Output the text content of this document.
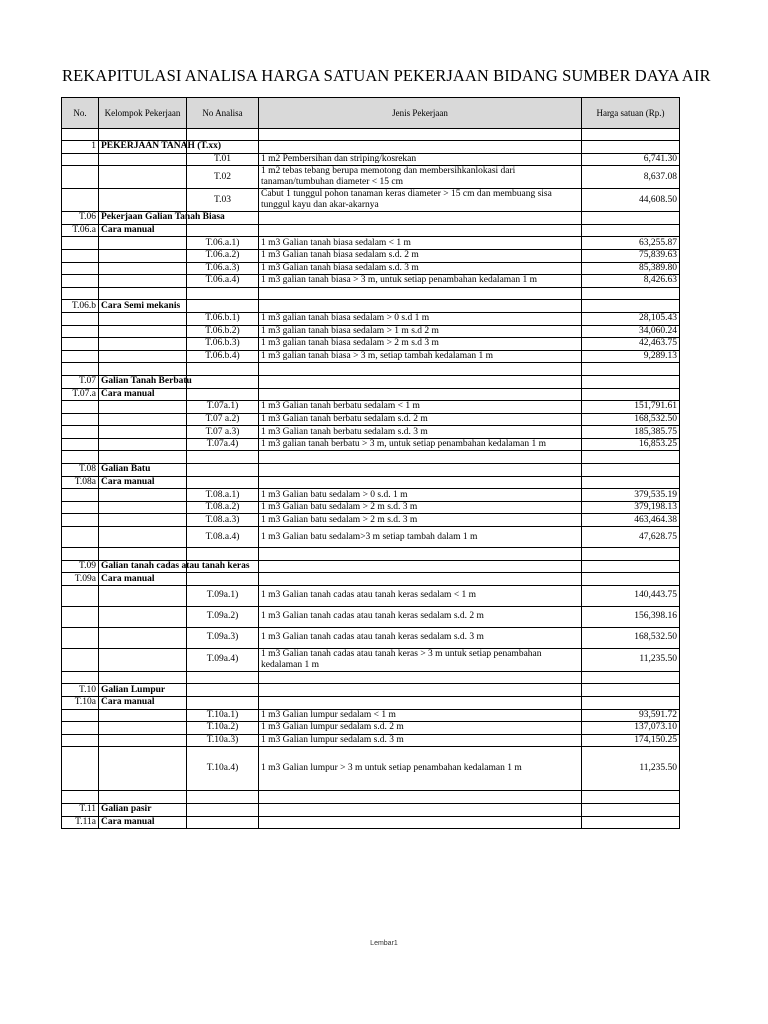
REKAPITULASI ANALISA HARGA SATUAN PEKERJAAN BIDANG SUMBER DAYA AIR
No.	Kelompok Pekerjaan	No Analisa	Jenis Pekerjaan	Harga satuan (Rp.)

1	PEKERJAAN TANAH (T.xx)			
		T.01	1 m2 Pembersihan dan striping/kosrekan	6,741.30
		T.02	1 m2 tebas tebang berupa memotong dan membersihkanlokasi dari tanaman/tumbuhan diameter < 15 cm	8,637.08
		T.03	Cabut 1 tunggul pohon tanaman keras diameter > 15 cm dan membuang sisa tunggul kayu dan akar-akarnya	44,608.50
T.06	Pekerjaan Galian Tanah Biasa			
T.06.a	Cara manual			
		T.06.a.1)	1 m3 Galian tanah biasa sedalam < 1 m	63,255.87
		T.06.a.2)	1 m3 Galian tanah biasa sedalam s.d. 2 m	75,839.63
		T.06.a.3)	1 m3 Galian tanah biasa sedalam s.d. 3 m	85,389.80
		T.06.a.4)	1 m3 galian tanah biasa > 3 m, untuk setiap penambahan kedalaman 1 m	8,426.63

T.06.b	Cara Semi mekanis			
		T.06.b.1)	1 m3 galian tanah biasa sedalam > 0 s.d 1 m	28,105.43
		T.06.b.2)	1 m3 galian tanah biasa sedalam > 1 m s.d 2 m	34,060.24
		T.06.b.3)	1 m3 galian tanah biasa sedalam > 2 m s.d 3 m	42,463.75
		T.06.b.4)	1 m3 galian tanah biasa > 3 m, setiap tambah kedalaman 1 m	9,289.13

T.07	Galian Tanah Berbatu			
T.07.a	Cara manual			
		T.07a.1)	1 m3 Galian tanah berbatu sedalam < 1 m	151,791.61
		T.07 a.2)	1 m3 Galian tanah berbatu sedalam s.d. 2 m	168,532.50
		T.07 a.3)	1 m3 Galian tanah berbatu sedalam s.d. 3 m	185,385.75
		T.07a.4)	1 m3 galian tanah berbatu > 3 m, untuk setiap penambahan kedalaman 1 m	16,853.25

T.08	Galian Batu			
T.08a	Cara manual			
		T.08.a.1)	1 m3 Galian batu sedalam > 0 s.d. 1 m	379,535.19
		T.08.a.2)	1 m3 Galian batu sedalam > 2 m s.d. 3 m	379,198.13
		T.08.a.3)	1 m3 Galian batu sedalam > 2 m s.d. 3 m	463,464.38
		T.08.a.4)	1 m3 Galian batu sedalam>3 m setiap tambah dalam 1 m	47,628.75

T.09	Galian tanah cadas atau tanah keras			
T.09a	Cara manual			
		T.09a.1)	1 m3 Galian tanah cadas atau tanah keras sedalam < 1 m	140,443.75
		T.09a.2)	1 m3 Galian tanah cadas atau tanah keras sedalam s.d. 2 m	156,398.16
		T.09a.3)	1 m3 Galian tanah cadas atau tanah keras sedalam s.d. 3 m	168,532.50
		T.09a.4)	1 m3 Galian tanah cadas atau tanah keras > 3 m untuk setiap penambahan kedalaman 1 m	11,235.50

T.10	Galian Lumpur			
T.10a	Cara manual			
		T.10a.1)	1 m3 Galian lumpur sedalam < 1 m	93,591.72
		T.10a.2)	1 m3 Galian lumpur sedalam s.d. 2 m	137,073.10
		T.10a.3)	1 m3 Galian lumpur sedalam s.d. 3 m	174,150.25
		T.10a.4)	1 m3 Galian lumpur > 3 m untuk setiap penambahan kedalaman 1 m	11,235.50

T.11	Galian pasir			
T.11a	Cara manual			
Lembar1
